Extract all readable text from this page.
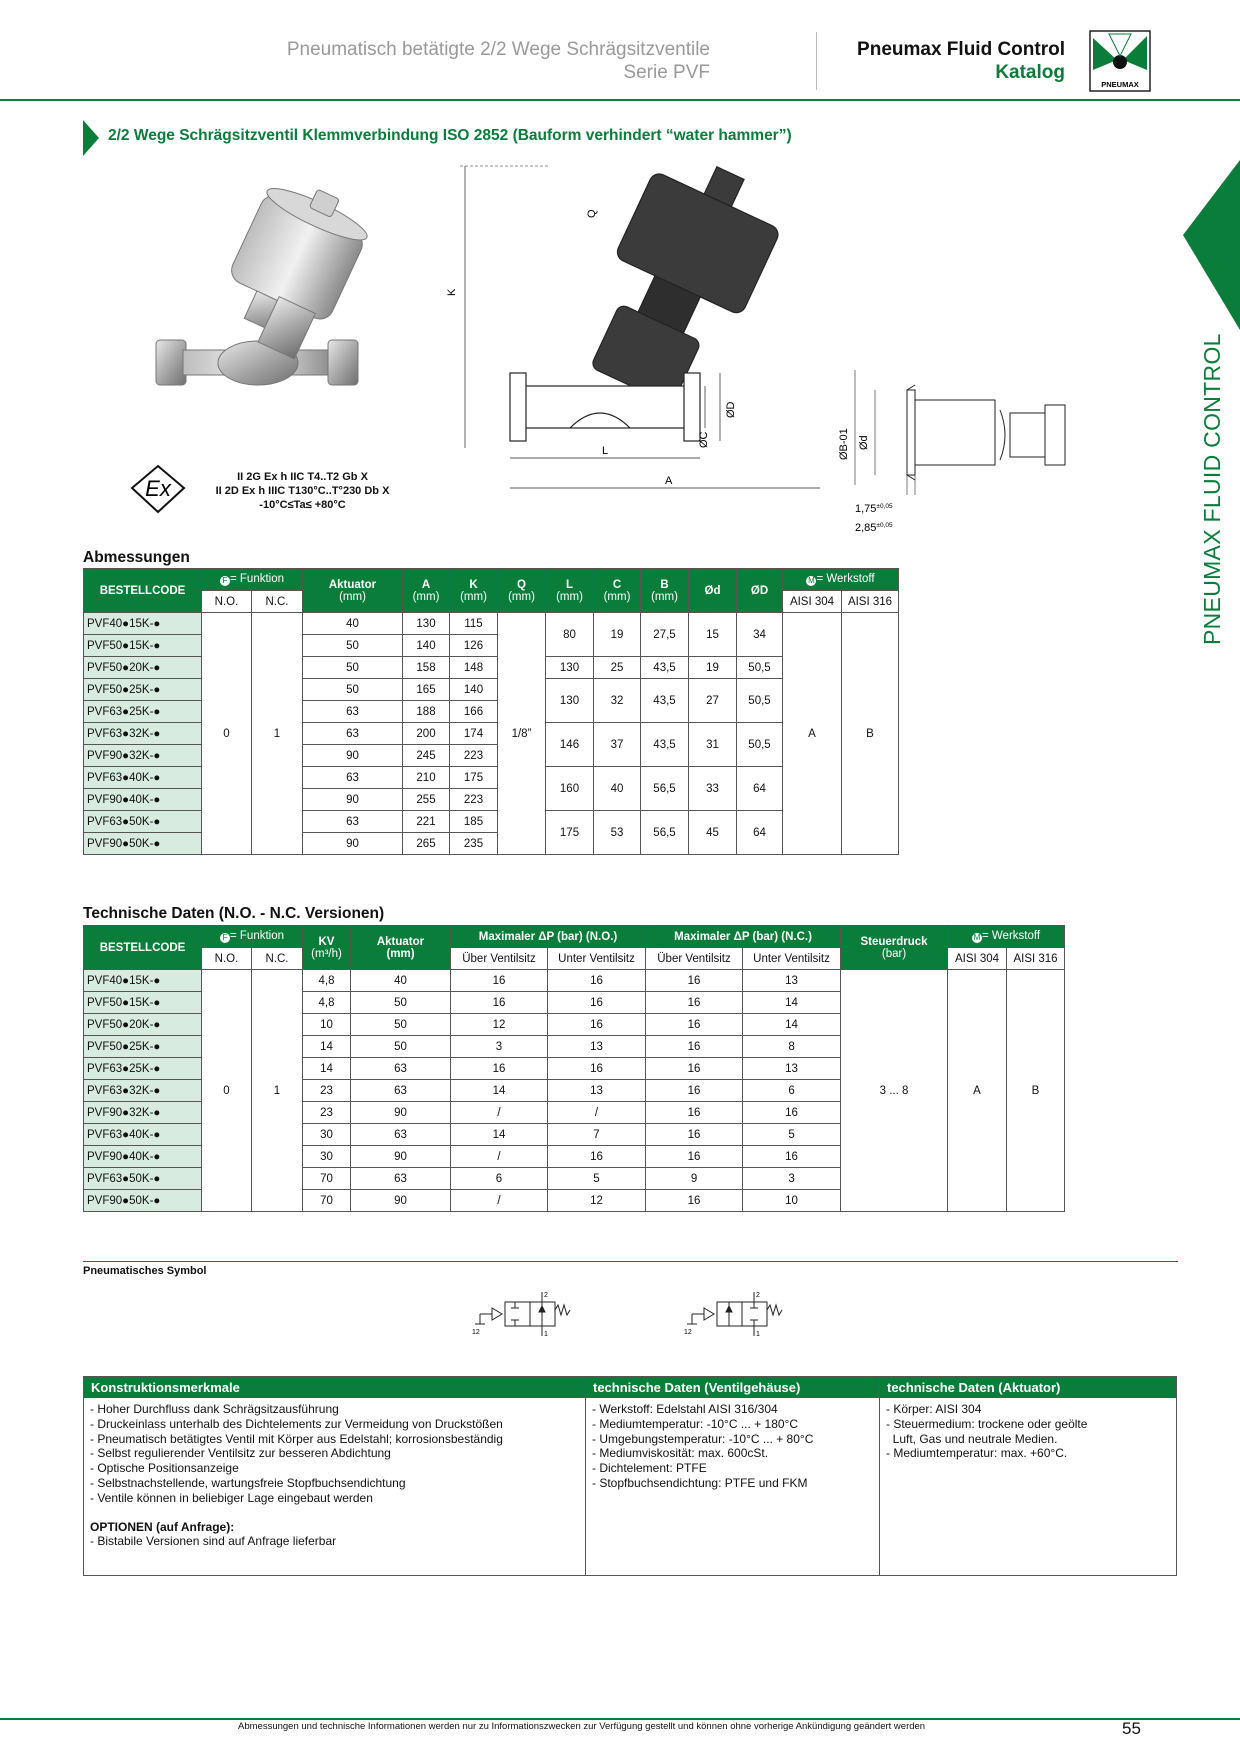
Pneumatisch betätigte 2/2 Wege Schrägsitzventile
Serie PVF
Pneumax Fluid Control
Katalog
PNEUMAX
2/2 Wege Schrägsitzventil Klemmverbindung ISO 2852 (Bauform verhindert “water hammer”)
PNEUMAX FLUID CONTROL
Ex	II 2G Ex h IIC T4..T2 Gb X
II 2D Ex h IIIC T130°C..T°230 Db X
-10°C≤Ta≤ +80°C
Q
K
ØD
ØC
L
A
ØB-01 Ød
$1,75^{\pm 0,05}$
$2,85^{\pm 0,05}$
Abmessungen
BESTELLCODE	F = Funktion		Aktuator
(mm)	A
(mm)	K
(mm)	Q
(mm)	L
(mm)	C
(mm)	B
(mm)	Ød	ØD	M = Werkstoff	
	N.O.	N.C.										AISI 304	AISI 316
PVF40●15K-●	0	1	40	130	115	1/8”	80	19	27,5	15	34	A	B
PVF50●15K-●			50	140	126								
PVF50●20K-●			50	158	148		130	25	43,5	19	50,5		
PVF50●25K-●			50	165	140		130	32	43,5	27	50,5		
PVF63●25K-●			63	188	166								
PVF63●32K-●			63	200	174		146	37	43,5	31	50,5		
PVF90●32K-●			90	245	223								
PVF63●40K-●			63	210	175		160	40	56,5	33	64		
PVF90●40K-●			90	255	223								
PVF63●50K-●			63	221	185		175	53	56,5	45	64		
PVF90●50K-●			90	265	235								
Technische Daten (N.O. - N.C. Versionen)
BESTELLCODE	F = Funktion		KV
(m³/h)	Aktuator
(mm)	Maximaler ΔP (bar) (N.O.)		Maximaler ΔP (bar) (N.C.)		Steuerdruck
(bar)	M = Werkstoff	
	N.O.	N.C.			Über Ventilsitz	Unter Ventilsitz	Über Ventilsitz	Unter Ventilsitz		AISI 304	AISI 316
PVF40●15K-●	0	1	4,8	40	16	16	16	13	3 ... 8	A	B
PVF50●15K-●			4,8	50	16	16	16	14			
PVF50●20K-●			10	50	12	16	16	14			
PVF50●25K-●			14	50	3	13	16	8			
PVF63●25K-●			14	63	16	16	16	13			
PVF63●32K-●			23	63	14	13	16	6			
PVF90●32K-●			23	90	/	/	16	16			
PVF63●40K-●			30	63	14	7	16	5			
PVF90●40K-●			30	90	/	16	16	16			
PVF63●50K-●			70	63	6	5	9	3			
PVF90●50K-●			70	90	/	12	16	10			
Pneumatisches Symbol
2
1
12
2
1
12
Konstruktionsmerkmale
- Hoher Durchfluss dank Schrägsitzausführung
- Druckeinlass unterhalb des Dichtelements zur Vermeidung von Druckstößen
- Pneumatisch betätigtes Ventil mit Körper aus Edelstahl; korrosionsbeständig
- Selbst regulierender Ventilsitz zur besseren Abdichtung
- Optische Positionsanzeige
- Selbstnachstellende, wartungsfreie Stopfbuchsendichtung
- Ventile können in beliebiger Lage eingebaut werden
OPTIONEN (auf Anfrage):
- Bistabile Versionen sind auf Anfrage lieferbar
technische Daten (Ventilgehäuse)
- Werkstoff: Edelstahl AISI 316/304
- Mediumtemperatur: -10°C ... + 180°C
- Umgebungstemperatur: -10°C ... + 80°C
- Mediumviskosität: max. 600cSt.
- Dichtelement: PTFE
- Stopfbuchsendichtung: PTFE und FKM
technische Daten (Aktuator)
- Körper: AISI 304
- Steuermedium: trockene oder geölte
Luft, Gas und neutrale Medien.
- Mediumtemperatur: max. +60°C.
Abmessungen und technische Informationen werden nur zu Informationszwecken zur Verfügung gestellt und können ohne vorherige Ankündigung geändert werden	55
